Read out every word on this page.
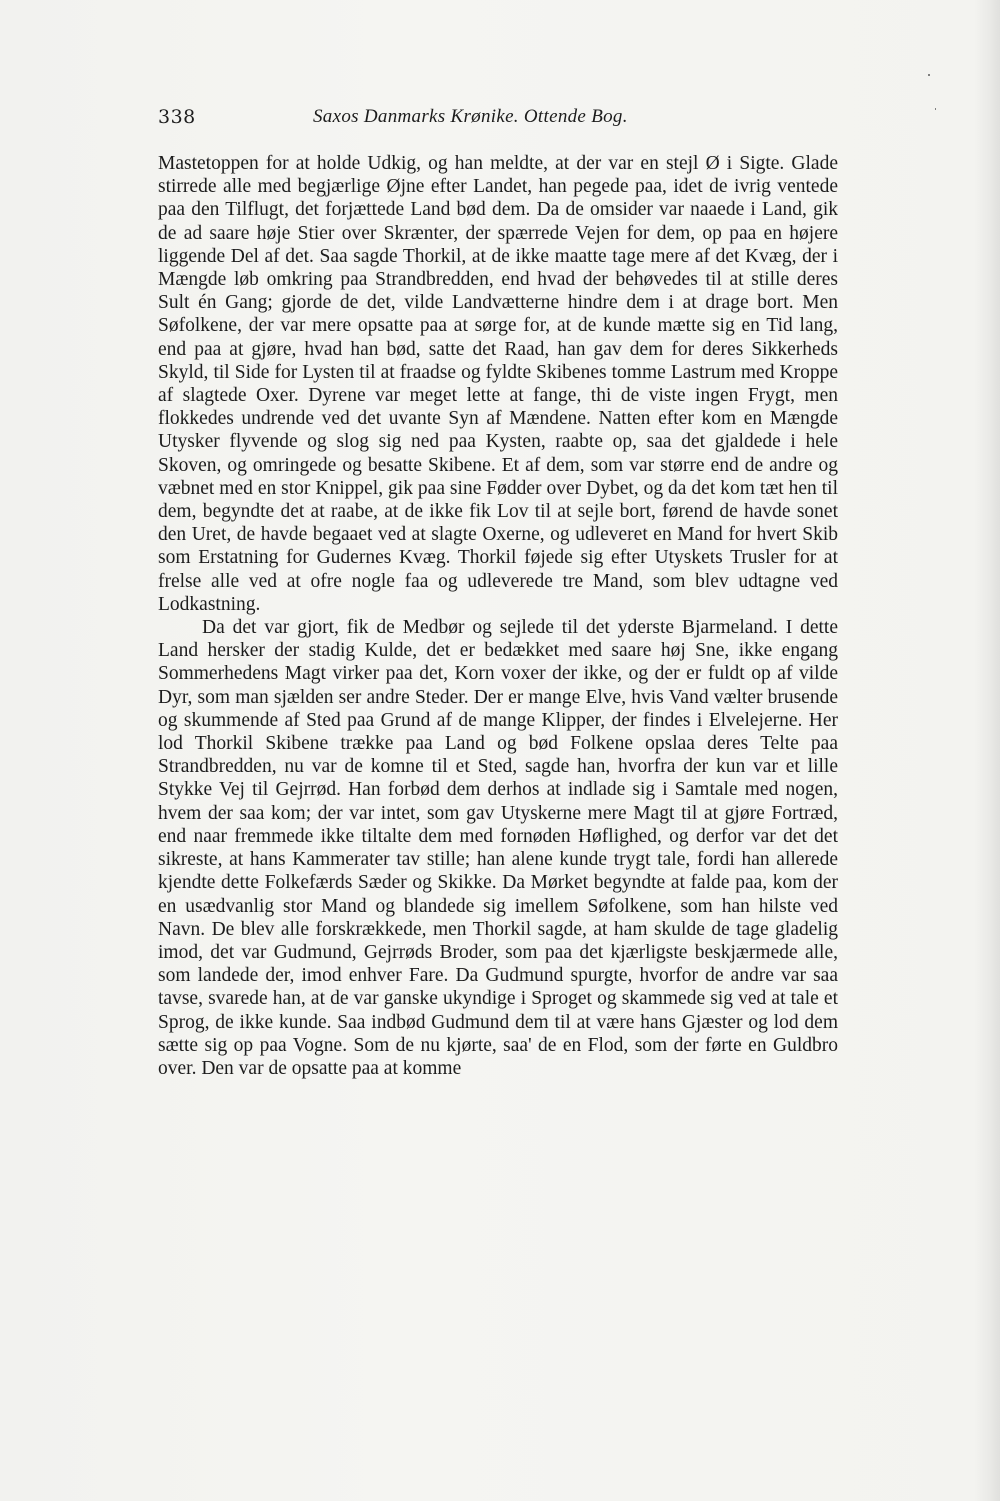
338	Saxos Danmarks Krønike. Ottende Bog.

Mastetoppen for at holde Udkig, og han meldte, at der var en stejl Ø i Sigte. Glade stirrede alle med begjærlige Øjne efter Landet, han pegede paa, idet de ivrig ventede paa den Tilflugt, det forjættede Land bød dem. Da de omsider var naaede i Land, gik de ad saare høje Stier over Skrænter, der spærrede Vejen for dem, op paa en højere liggende Del af det. Saa sagde Thorkil, at de ikke maatte tage mere af det Kvæg, der i Mængde løb omkring paa Strandbredden, end hvad der behøvedes til at stille deres Sult én Gang; gjorde de det, vilde Landvætterne hindre dem i at drage bort. Men Søfolkene, der var mere opsatte paa at sørge for, at de kunde mætte sig en Tid lang, end paa at gjøre, hvad han bød, satte det Raad, han gav dem for deres Sikkerheds Skyld, til Side for Lysten til at fraadse og fyldte Skibenes tomme Lastrum med Kroppe af slagtede Oxer. Dyrene var meget lette at fange, thi de viste ingen Frygt, men flokkedes undrende ved det uvante Syn af Mændene. Natten efter kom en Mængde Utysker flyvende og slog sig ned paa Kysten, raabte op, saa det gjaldede i hele Skoven, og omringede og besatte Skibene. Et af dem, som var større end de andre og væbnet med en stor Knippel, gik paa sine Fødder over Dybet, og da det kom tæt hen til dem, begyndte det at raabe, at de ikke fik Lov til at sejle bort, førend de havde sonet den Uret, de havde begaaet ved at slagte Oxerne, og udleveret en Mand for hvert Skib som Erstatning for Gudernes Kvæg. Thorkil føjede sig efter Utyskets Trusler for at frelse alle ved at ofre nogle faa og udleverede tre Mand, som blev udtagne ved Lodkastning.

Da det var gjort, fik de Medbør og sejlede til det yderste Bjarmeland. I dette Land hersker der stadig Kulde, det er bedækket med saare høj Sne, ikke engang Sommerhedens Magt virker paa det, Korn voxer der ikke, og der er fuldt op af vilde Dyr, som man sjælden ser andre Steder. Der er mange Elve, hvis Vand vælter brusende og skummende af Sted paa Grund af de mange Klipper, der findes i Elvelejerne. Her lod Thorkil Skibene trække paa Land og bød Folkene opslaa deres Telte paa Strandbredden, nu var de komne til et Sted, sagde han, hvorfra der kun var et lille Stykke Vej til Gejrrød. Han forbød dem derhos at indlade sig i Samtale med nogen, hvem der saa kom; der var intet, som gav Utyskerne mere Magt til at gjøre Fortræd, end naar fremmede ikke tiltalte dem med fornøden Høflighed, og derfor var det det sikreste, at hans Kammerater tav stille; han alene kunde trygt tale, fordi han allerede kjendte dette Folkefærds Sæder og Skikke. Da Mørket begyndte at falde paa, kom der en usædvanlig stor Mand og blandede sig imellem Søfolkene, som han hilste ved Navn. De blev alle forskrækkede, men Thorkil sagde, at ham skulde de tage gladelig imod, det var Gudmund, Gejrrøds Broder, som paa det kjærligste beskjærmede alle, som landede der, imod enhver Fare. Da Gudmund spurgte, hvorfor de andre var saa tavse, svarede han, at de var ganske ukyndige i Sproget og skammede sig ved at tale et Sprog, de ikke kunde. Saa indbød Gudmund dem til at være hans Gjæster og lod dem sætte sig op paa Vogne. Som de nu kjørte, saa' de en Flod, som der førte en Guldbro over. Den var de opsatte paa at komme
